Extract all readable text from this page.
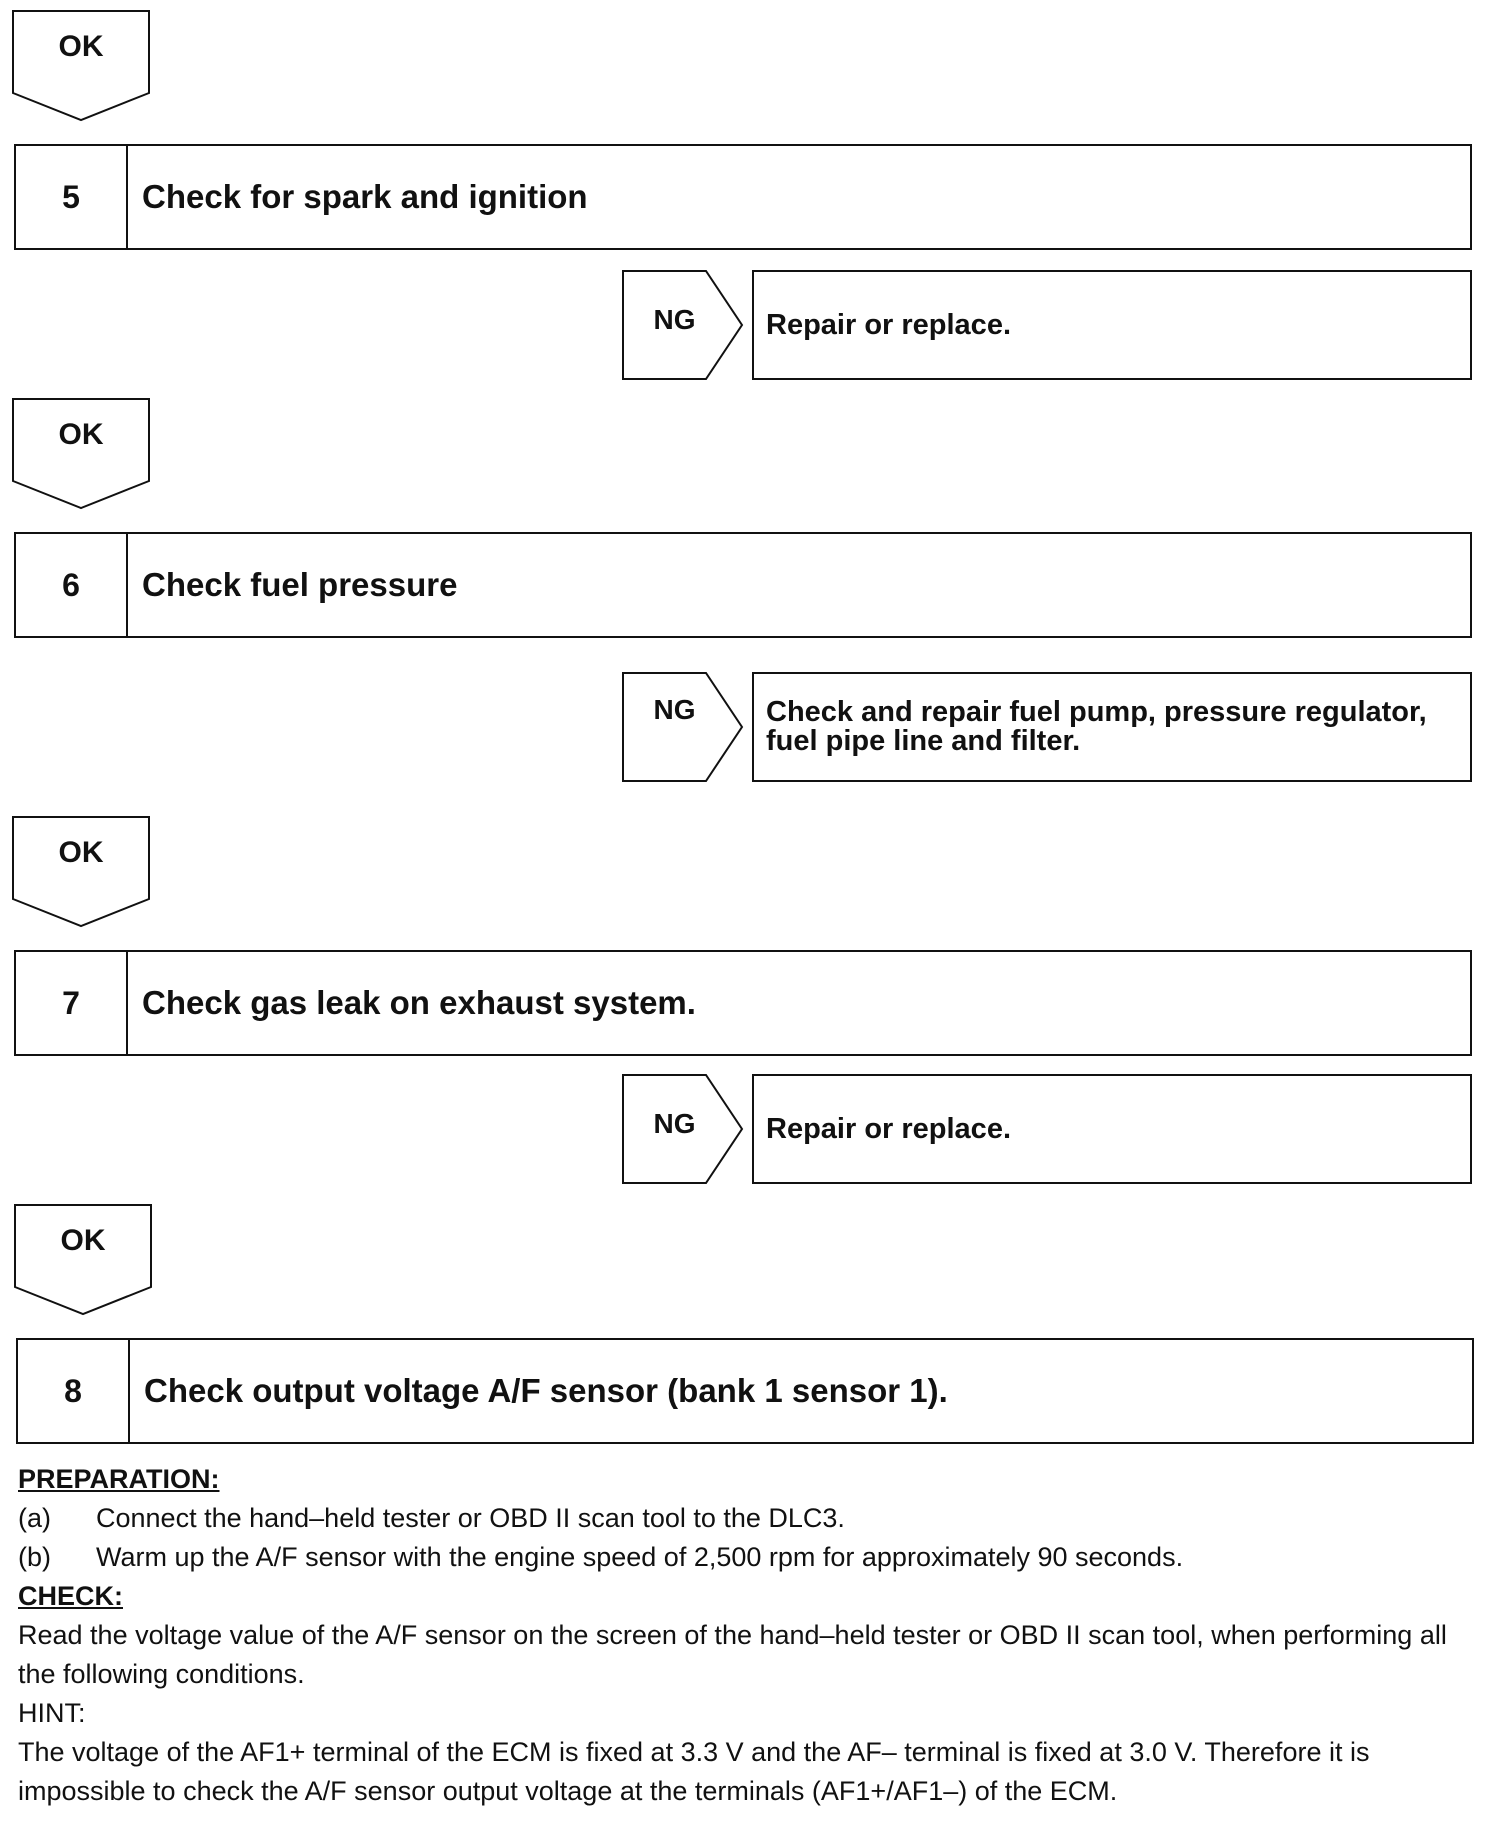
OK
5	Check for spark and ignition
NG	Repair or replace.
OK
6	Check fuel pressure
NG	Check and repair fuel pump, pressure regulator,
fuel pipe line and filter.
OK
7	Check gas leak on exhaust system.
NG	Repair or replace.
OK
8	Check output voltage A/F sensor (bank 1 sensor 1).
PREPARATION:
(a)	Connect the hand–held tester or OBD II scan tool to the DLC3.
(b)	Warm up the A/F sensor with the engine speed of 2,500 rpm for approximately 90 seconds.
CHECK:
Read the voltage value of the A/F sensor on the screen of the hand–held tester or OBD II scan tool, when performing all the following conditions.
HINT:
The voltage of the AF1+ terminal of the ECM is fixed at 3.3 V and the AF– terminal is fixed at 3.0 V. Therefore it is impossible to check the A/F sensor output voltage at the terminals (AF1+/AF1–) of the ECM.
